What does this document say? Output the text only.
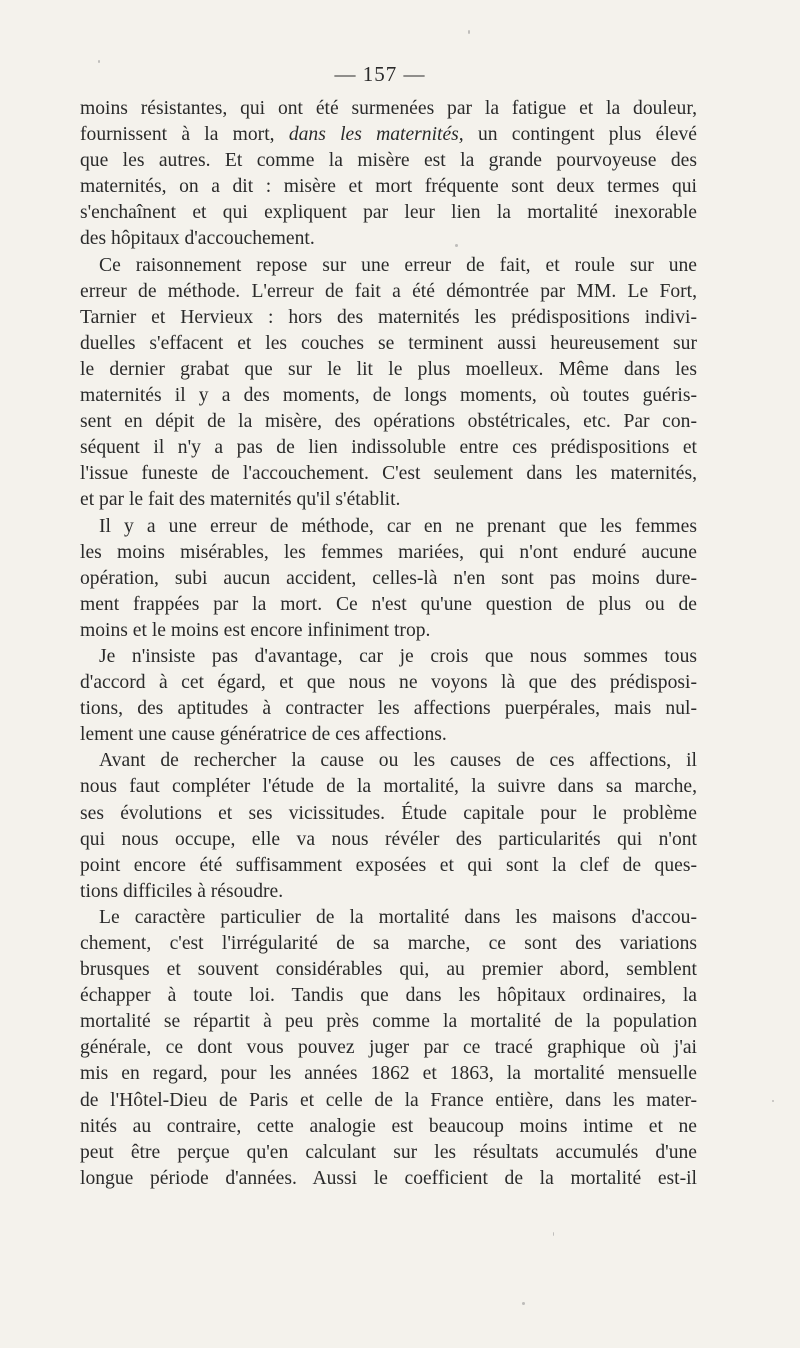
— 157 —
moins résistantes, qui ont été surmenées par la fatigue et la douleur,
fournissent à la mort, dans les maternités, un contingent plus élevé
que les autres. Et comme la misère est la grande pourvoyeuse des
maternités, on a dit : misère et mort fréquente sont deux termes qui
s'enchaînent et qui expliquent par leur lien la mortalité inexorable
des hôpitaux d'accouchement.
Ce raisonnement repose sur une erreur de fait, et roule sur une
erreur de méthode. L'erreur de fait a été démontrée par MM. Le Fort,
Tarnier et Hervieux : hors des maternités les prédispositions indivi-
duelles s'effacent et les couches se terminent aussi heureusement sur
le dernier grabat que sur le lit le plus moelleux. Même dans les
maternités il y a des moments, de longs moments, où toutes guéris-
sent en dépit de la misère, des opérations obstétricales, etc. Par con-
séquent il n'y a pas de lien indissoluble entre ces prédispositions et
l'issue funeste de l'accouchement. C'est seulement dans les maternités,
et par le fait des maternités qu'il s'établit.
Il y a une erreur de méthode, car en ne prenant que les femmes
les moins misérables, les femmes mariées, qui n'ont enduré aucune
opération, subi aucun accident, celles-là n'en sont pas moins dure-
ment frappées par la mort. Ce n'est qu'une question de plus ou de
moins et le moins est encore infiniment trop.
Je n'insiste pas d'avantage, car je crois que nous sommes tous
d'accord à cet égard, et que nous ne voyons là que des prédisposi-
tions, des aptitudes à contracter les affections puerpérales, mais nul-
lement une cause génératrice de ces affections.
Avant de rechercher la cause ou les causes de ces affections, il
nous faut compléter l'étude de la mortalité, la suivre dans sa marche,
ses évolutions et ses vicissitudes. Étude capitale pour le problème
qui nous occupe, elle va nous révéler des particularités qui n'ont
point encore été suffisamment exposées et qui sont la clef de ques-
tions difficiles à résoudre.
Le caractère particulier de la mortalité dans les maisons d'accou-
chement, c'est l'irrégularité de sa marche, ce sont des variations
brusques et souvent considérables qui, au premier abord, semblent
échapper à toute loi. Tandis que dans les hôpitaux ordinaires, la
mortalité se répartit à peu près comme la mortalité de la population
générale, ce dont vous pouvez juger par ce tracé graphique où j'ai
mis en regard, pour les années 1862 et 1863, la mortalité mensuelle
de l'Hôtel-Dieu de Paris et celle de la France entière, dans les mater-
nités au contraire, cette analogie est beaucoup moins intime et ne
peut être perçue qu'en calculant sur les résultats accumulés d'une
longue période d'années. Aussi le coefficient de la mortalité est-il
